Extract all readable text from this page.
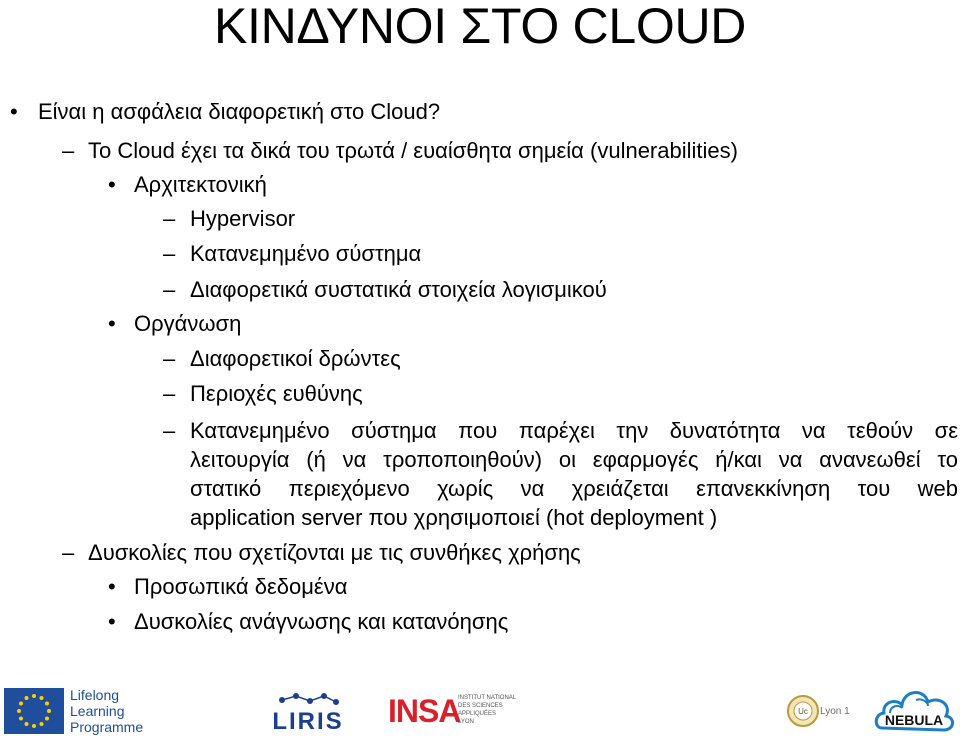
ΚΙΝΔΥΝΟΙ ΣΤΟ CLOUD
• Είναι η ασφάλεια διαφορετική στο Cloud?

– Το Cloud έχει τα δικά του τρωτά / ευαίσθητα σημεία (vulnerabilities)

• Αρχιτεκτονική

– Hypervisor

– Κατανεμημένο σύστημα

– Διαφορετικά συστατικά στοιχεία λογισμικού

• Οργάνωση

– Διαφορετικοί δρώντες

– Περιοχές ευθύνης

– Κατανεμημένο σύστημα που παρέχει την δυνατότητα να τεθούν σε

λειτουργία (ή να τροποποιηθούν) οι εφαρμογές ή/και να ανανεωθεί το

στατικό περιεχόμενο χωρίς να χρειάζεται επανεκκίνηση του web

application server που χρησιμοποιεί (hot deployment )

– Δυσκολίες που σχετίζονται με τις συνθήκες χρήσης

• Προσωπικά δεδομένα

• Δυσκολίες ανάγνωσης και κατανόησης

Lifelong
Learning
Programme	LIRIS	INSA
INSTITUT NATIONAL
DES SCIENCES
APPLIQUÉES
LYON
Uc Lyon 1
NEBULA
